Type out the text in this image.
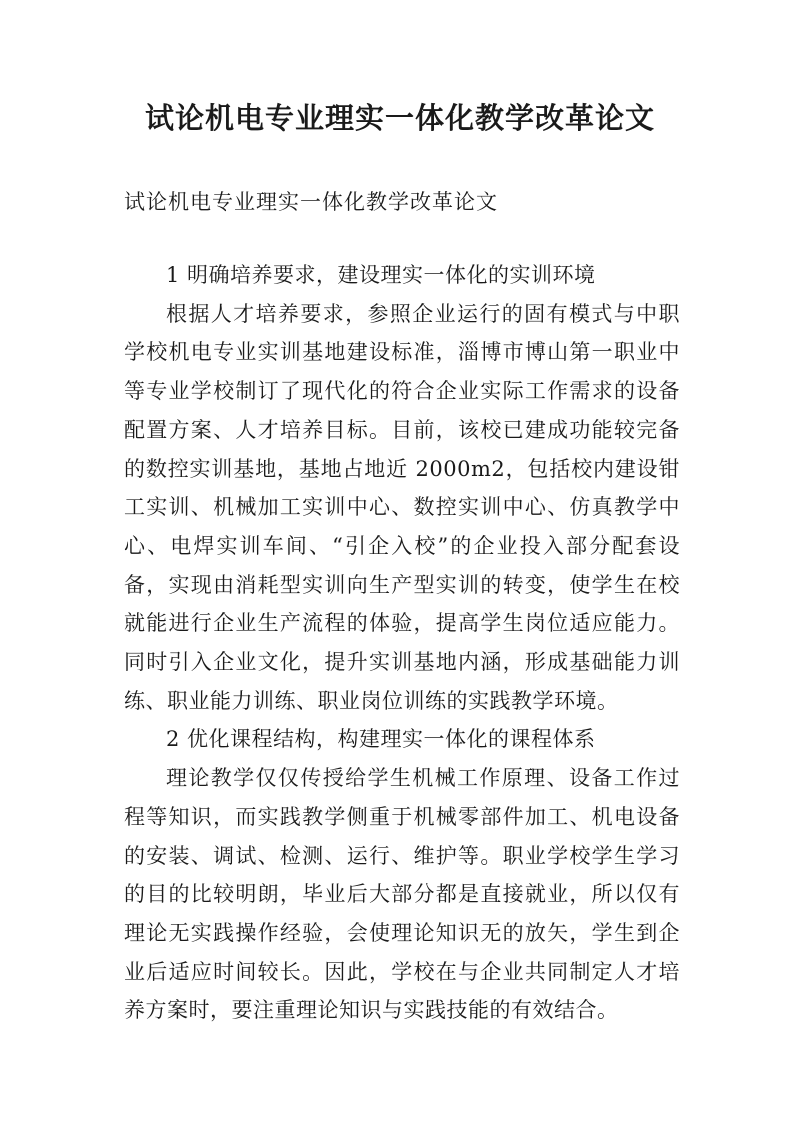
试论机电专业理实一体化教学改革论文
试论机电专业理实一体化教学改革论文

1 明确培养要求，建设理实一体化的实训环境

根据人才培养要求，参照企业运行的固有模式与中职学校机电专业实训基地建设标准，淄博市博山第一职业中等专业学校制订了现代化的符合企业实际工作需求的设备配置方案、人才培养目标。目前，该校已建成功能较完备的数控实训基地，基地占地近 2000m2，包括校内建设钳工实训、机械加工实训中心、数控实训中心、仿真教学中心、电焊实训车间、“引企入校”的企业投入部分配套设备，实现由消耗型实训向生产型实训的转变，使学生在校就能进行企业生产流程的体验，提高学生岗位适应能力。同时引入企业文化，提升实训基地内涵，形成基础能力训练、职业能力训练、职业岗位训练的实践教学环境。

2 优化课程结构，构建理实一体化的课程体系

理论教学仅仅传授给学生机械工作原理、设备工作过程等知识，而实践教学侧重于机械零部件加工、机电设备的安装、调试、检测、运行、维护等。职业学校学生学习的目的比较明朗，毕业后大部分都是直接就业，所以仅有理论无实践操作经验，会使理论知识无的放矢，学生到企业后适应时间较长。因此，学校在与企业共同制定人才培养方案时，要注重理论知识与实践技能的有效结合。
